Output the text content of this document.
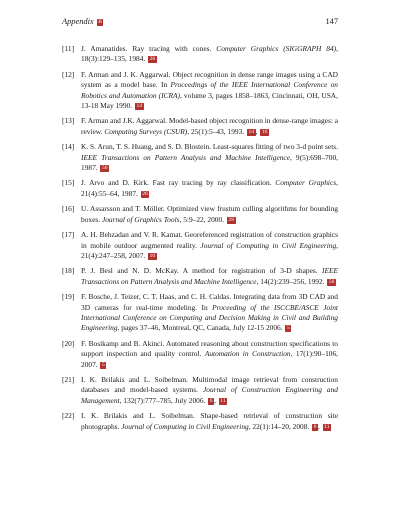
Appendix B	147
[11] J. Amanatides. Ray tracing with cones. Computer Graphics (SIGGRAPH 84), 18(3):129–135, 1984. 26
[12] F. Arman and J. K. Aggarwal. Object recognition in dense range images using a CAD system as a model base. In Proceedings of the IEEE International Conference on Robotics and Automation (ICRA), volume 3, pages 1858–1863, Cincinnati, OH, USA, 13-18 May 1990. 14
[13] F. Arman and J.K. Aggarwal. Model-based object recognition in dense-range images: a review. Computing Surveys (CSUR), 25(1):5–43, 1993. 14 , 16
[14] K. S. Arun, T. S. Huang, and S. D. Blostein. Least-squares fitting of two 3-d point sets. IEEE Transactions on Pattern Analysis and Machine Intelligence, 9(5):698–700, 1987. 56
[15] J. Arvo and D. Kirk. Fast ray tracing by ray classification. Computer Graphics, 21(4):55–64, 1987. 26
[16] U. Assarsson and T. Möller. Optimized view frustum culling algorithms for bounding boxes. Journal of Graphics Tools, 5:9–22, 2000. 28
[17] A. H. Behzadan and V. R. Kamat. Georeferenced registration of construction graphics in mobile outdoor augmented reality. Journal of Computing in Civil Engineering, 21(4):247–258, 2007. 10
[18] P. J. Besl and N. D. McKay. A method for registration of 3-D shapes. IEEE Transactions on Pattern Analysis and Machine Intelligence, 14(2):239–256, 1992. 56
[19] F. Bosche, J. Teizer, C. T. Haas, and C. H. Caldas. Integrating data from 3D CAD and 3D cameras for real-time modeling. In Proceeding of the ISCCBE/ASCE Joint International Conference on Computing and Decision Making in Civil and Building Engineering, pages 37–46, Montreal, QC, Canada, July 12-15 2006. 5
[20] F. Bosikamp and B. Akinci. Automated reasoning about construction specifications to support inspection and quality control. Automation in Construction, 17(1):90–106, 2007. 5
[21] I. K. Brilakis and L. Soibelman. Multimodal image retrieval from construction databases and model-based systems. Journal of Construction Engineering and Management, 132(7):777–785, July 2006. 6 , 11
[22] I. K. Brilakis and L. Soibelman. Shape-based retrieval of construction site photographs. Journal of Computing in Civil Engineering, 22(1):14–20, 2008. 6 , 11
